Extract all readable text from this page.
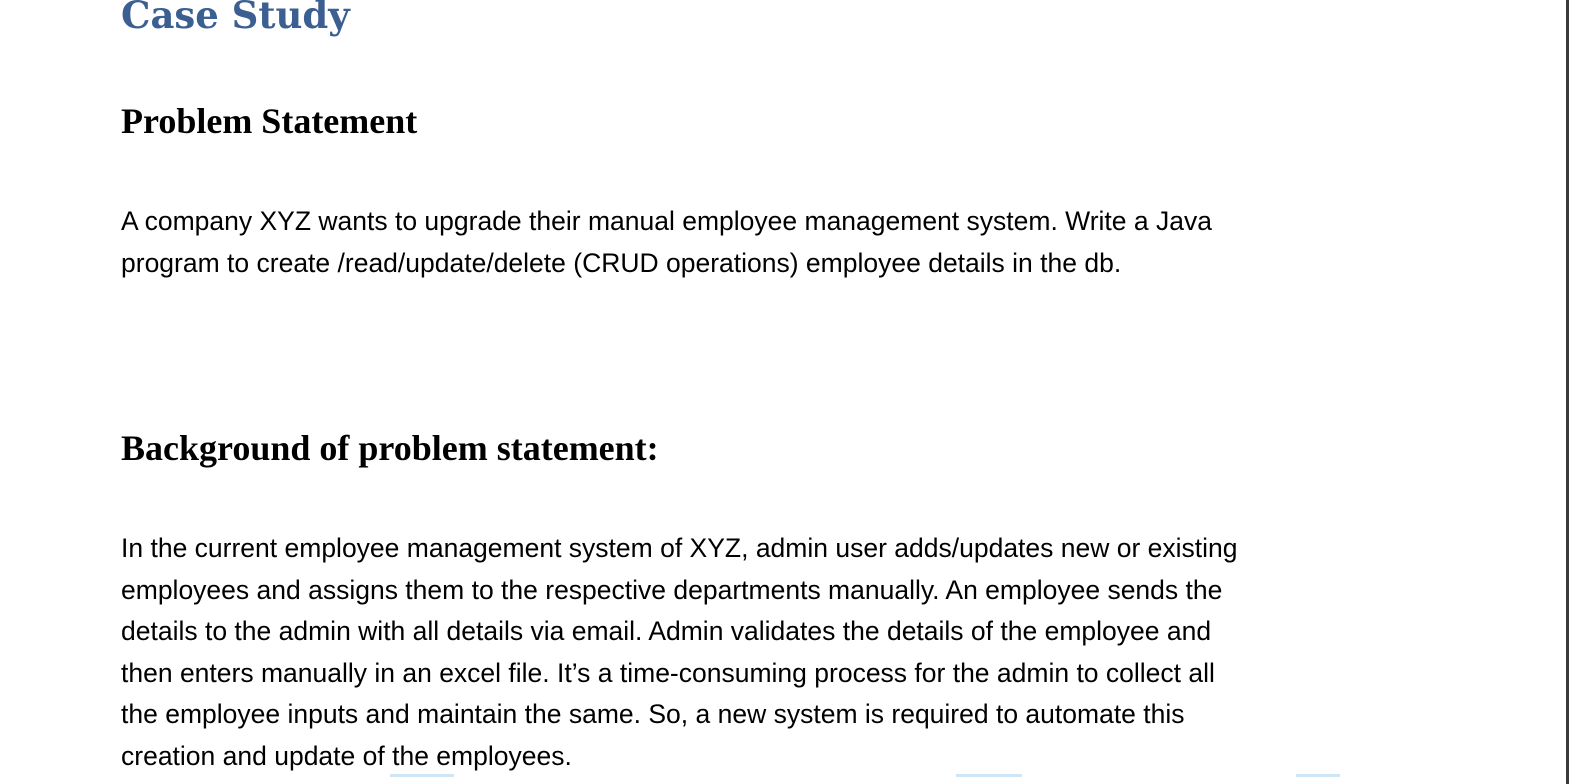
Case Study
Problem Statement

A company XYZ wants to upgrade their manual employee management system. Write a Java
program to create /read/update/delete (CRUD operations) employee details in the db.

Background of problem statement:

In the current employee management system of XYZ, admin user adds/updates new or existing
employees and assigns them to the respective departments manually. An employee sends the
details to the admin with all details via email. Admin validates the details of the employee and
then enters manually in an excel file. It’s a time-consuming process for the admin to collect all
the employee inputs and maintain the same. So, a new system is required to automate this
creation and update of the employees.
